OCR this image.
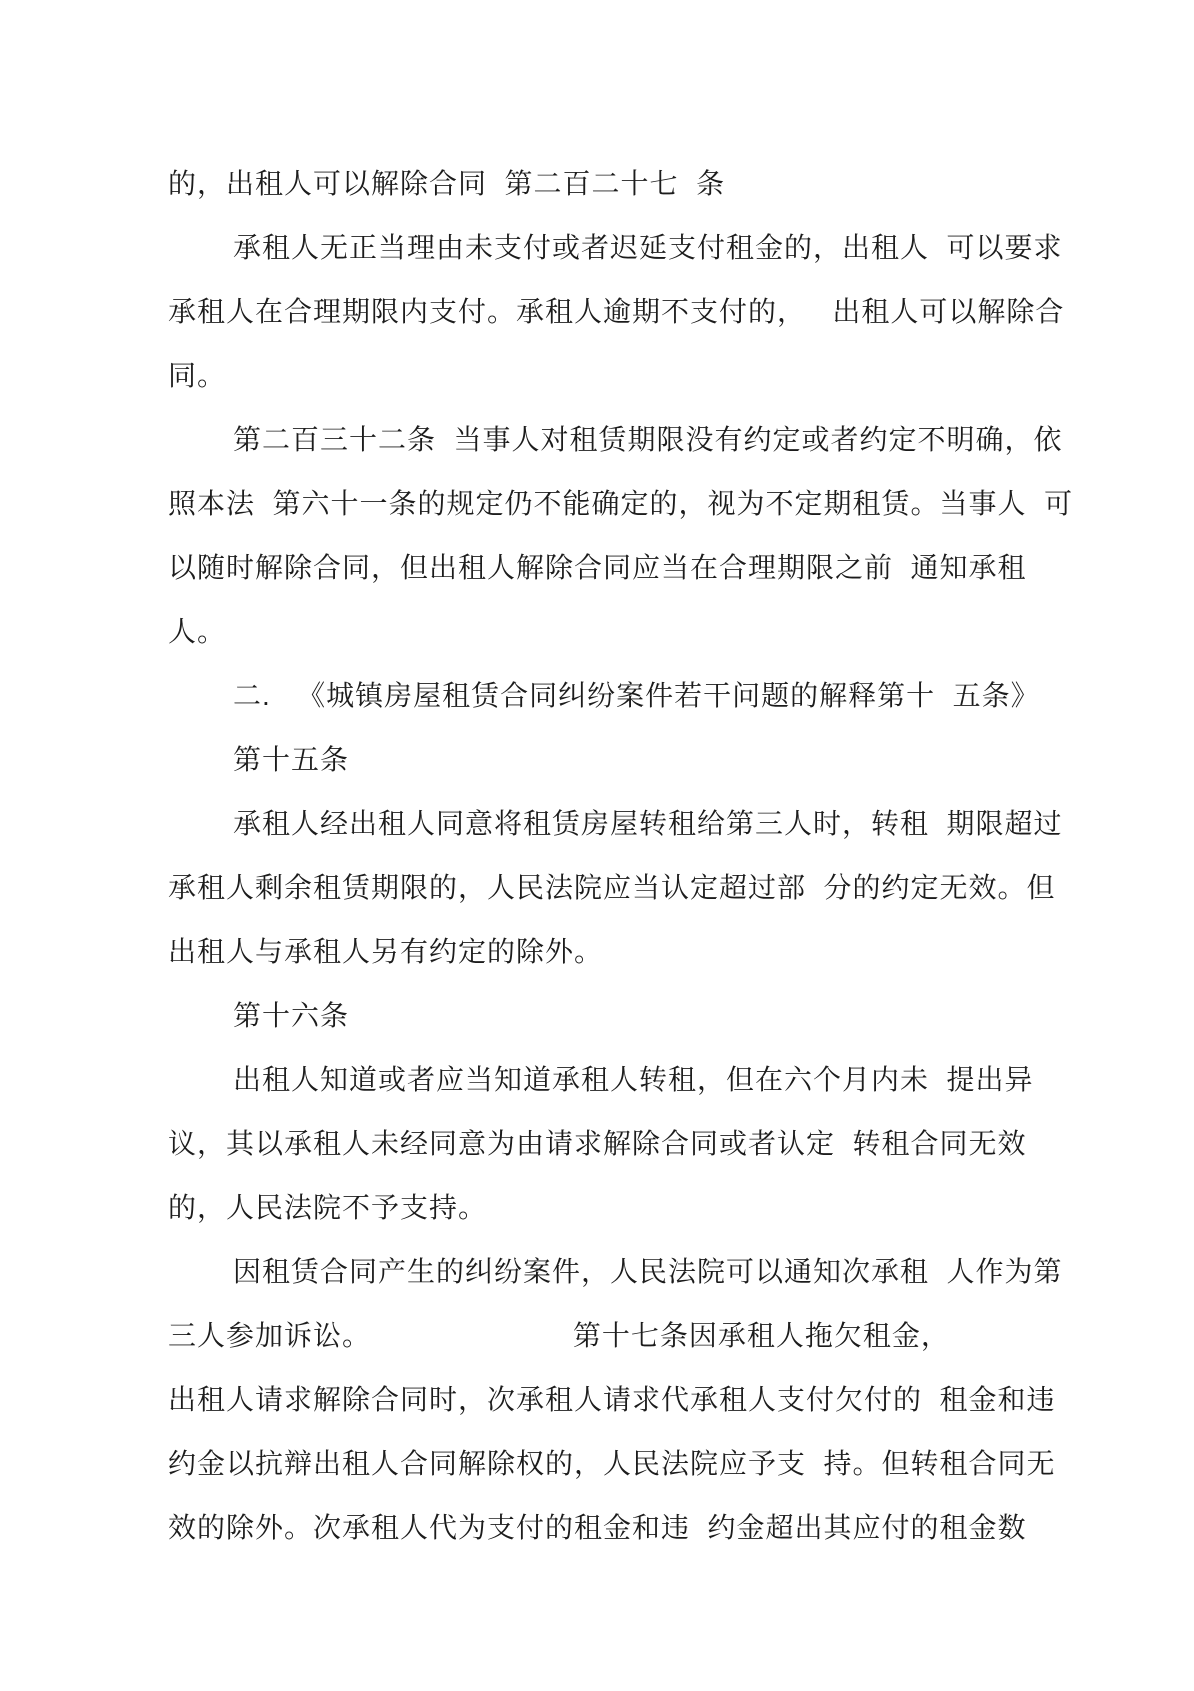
的，出租人可以解除合同  第二百二十七  条
承租人无正当理由未支付或者迟延支付租金的，出租人  可以要求
承租人在合理期限内支付。承租人逾期不支付的，   出租人可以解除合
同。
第二百三十二条  当事人对租赁期限没有约定或者约定不明确，依
照本法  第六十一条的规定仍不能确定的，视为不定期租赁。当事人  可
以随时解除合同，但出租人解除合同应当在合理期限之前  通知承租
人。
二.   《城镇房屋租赁合同纠纷案件若干问题的解释第十  五条》
第十五条
承租人经出租人同意将租赁房屋转租给第三人时，转租  期限超过
承租人剩余租赁期限的，人民法院应当认定超过部  分的约定无效。但
出租人与承租人另有约定的除外。
第十六条
出租人知道或者应当知道承租人转租，但在六个月内未  提出异
议，其以承租人未经同意为由请求解除合同或者认定  转租合同无效
的，人民法院不予支持。
因租赁合同产生的纠纷案件，人民法院可以通知次承租  人作为第
三人参加诉讼。                       第十七条因承租人拖欠租金，
出租人请求解除合同时，次承租人请求代承租人支付欠付的  租金和违
约金以抗辩出租人合同解除权的，人民法院应予支  持。但转租合同无
效的除外。次承租人代为支付的租金和违  约金超出其应付的租金数
